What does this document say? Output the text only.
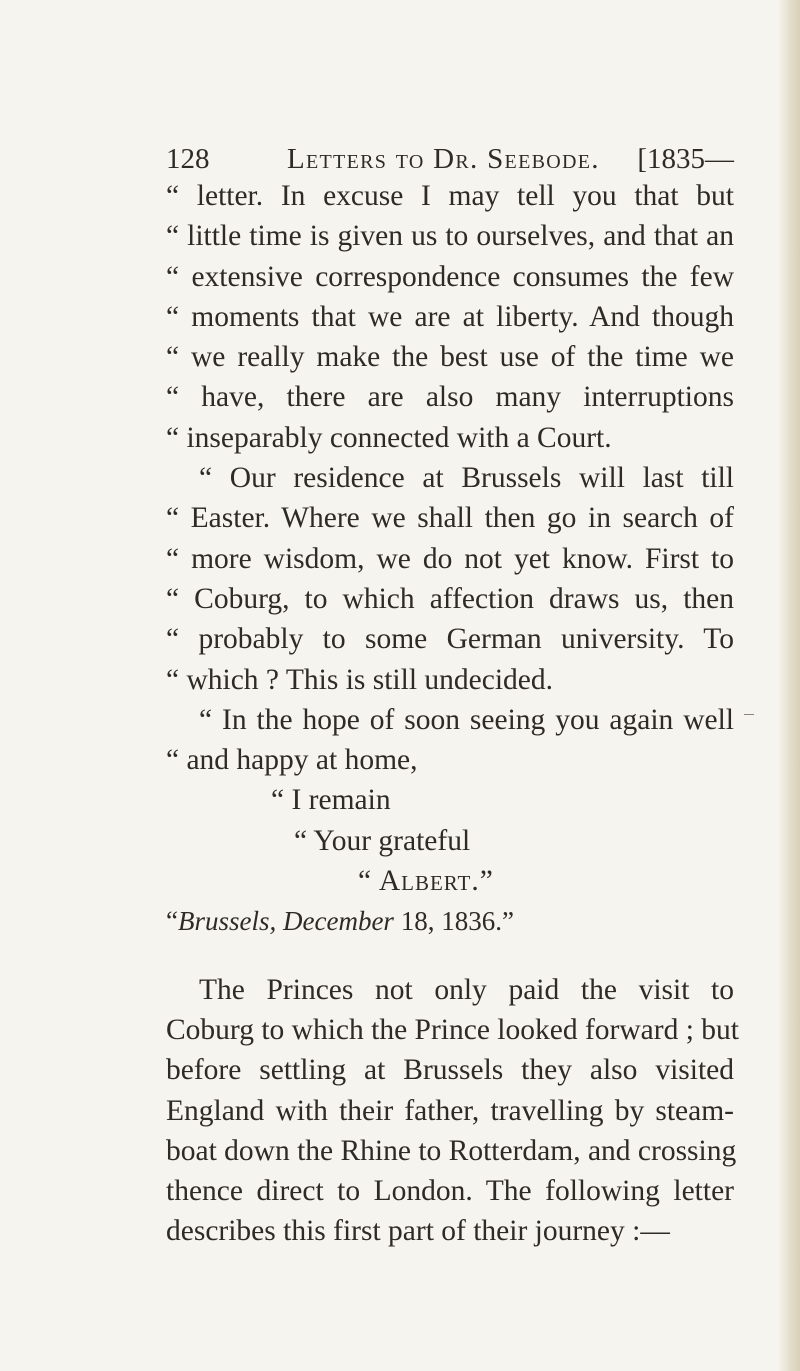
128	Letters to Dr. Seebode. [1835—
“ letter. In excuse I may tell you that but
“ little time is given us to ourselves, and that an
“ extensive correspondence consumes the few
“ moments that we are at liberty. And though
“ we really make the best use of the time we
“ have, there are also many interruptions
“ inseparably connected with a Court.
“ Our residence at Brussels will last till
“ Easter. Where we shall then go in search of
“ more wisdom, we do not yet know. First to
“ Coburg, to which affection draws us, then
“ probably to some German university. To
“ which ? This is still undecided.
“ In the hope of soon seeing you again well
“ and happy at home,
“ I remain
“ Your grateful
“ Albert.”
“Brussels, December 18, 1836.”
The Princes not only paid the visit to
Coburg to which the Prince looked forward ; but
before settling at Brussels they also visited
England with their father, travelling by steam-
boat down the Rhine to Rotterdam, and crossing
thence direct to London. The following letter
describes this first part of their journey :—
